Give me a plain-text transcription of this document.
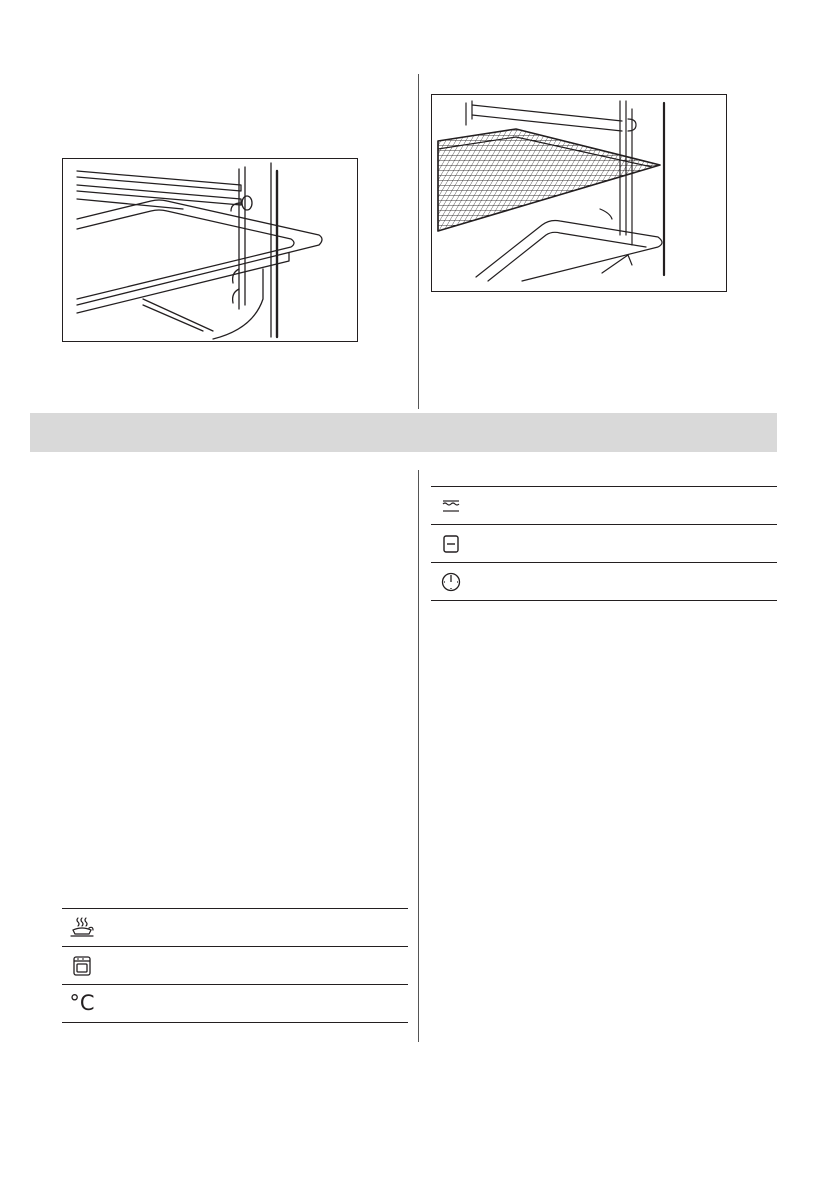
°C
